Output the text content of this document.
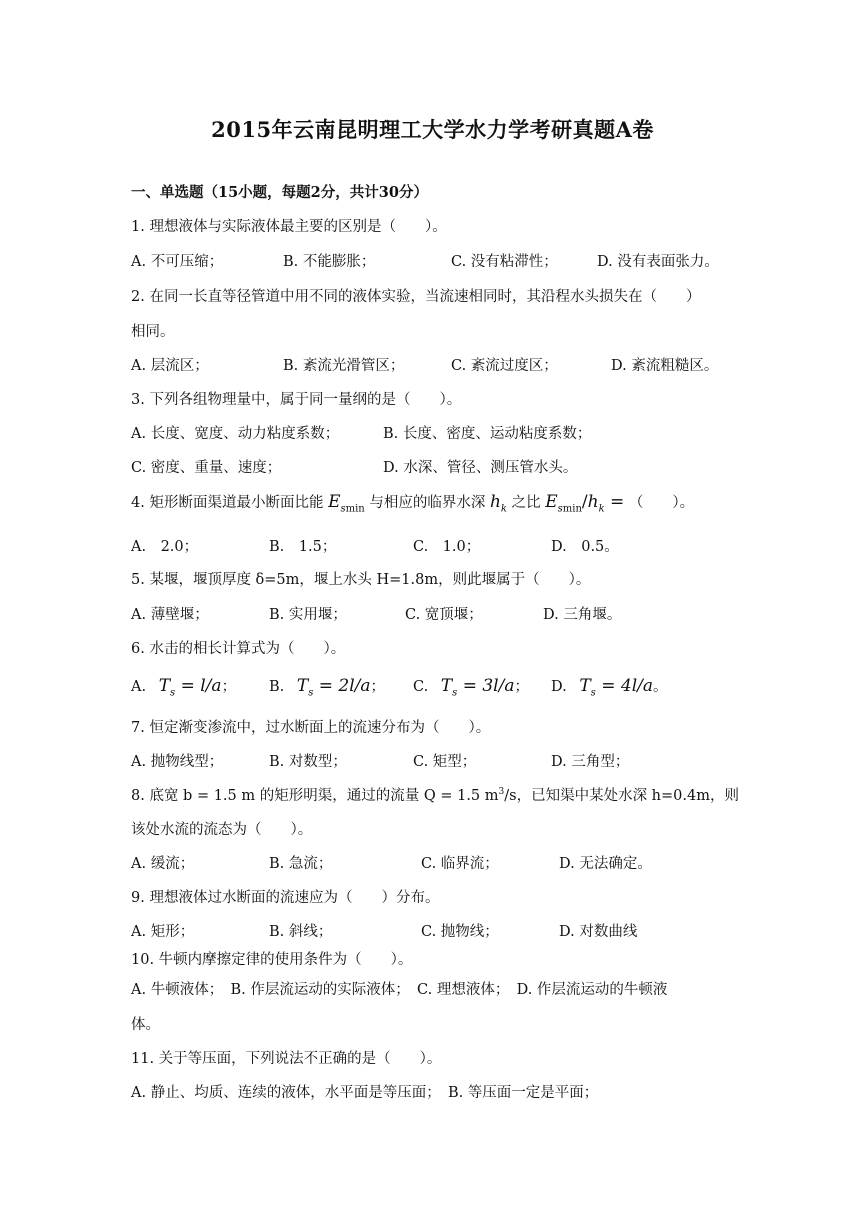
2015年云南昆明理工大学水力学考研真题A卷
一、单选题（15小题，每题2分，共计30分）
1. 理想液体与实际液体最主要的区别是（　　）。
A. 不可压缩；	B. 不能膨胀；	C. 没有粘滞性；	D. 没有表面张力。
2. 在同一长直等径管道中用不同的液体实验，当流速相同时，其沿程水头损失在（　　）
相同。
A. 层流区；	B. 紊流光滑管区；	C. 紊流过度区；	D. 紊流粗糙区。
3. 下列各组物理量中，属于同一量纲的是（　　）。
A. 长度、宽度、动力粘度系数；	B. 长度、密度、运动粘度系数；
C. 密度、重量、速度；	D. 水深、管径、测压管水头。
4. 矩形断面渠道最小断面比能 $E_{smin}$ 与相应的临界水深 $h_k$ 之比 $E_{smin}/h_k$ = （　　）。
A.　2.0；	B.　1.5；	C.　1.0；	D.　0.5。
5. 某堰，堰顶厚度 δ=5m，堰上水头 H=1.8m，则此堰属于（　　）。
A. 薄壁堰；	B. 实用堰；	C. 宽顶堰；	D. 三角堰。
6. 水击的相长计算式为（　　）。
A. $T_s = l/a$； B. $T_s = 2l/a$； C. $T_s = 3l/a$； D. $T_s = 4l/a$。
7. 恒定渐变渗流中，过水断面上的流速分布为（　　）。
A. 抛物线型；	B. 对数型；	C. 矩型；	D. 三角型；
8. 底宽 b = 1.5 m 的矩形明渠，通过的流量 Q = 1.5 $m^3/s$，已知渠中某处水深 h=0.4m，则
该处水流的流态为（　　）。
A. 缓流；	B. 急流；	C. 临界流；	D. 无法确定。
9. 理想液体过水断面的流速应为（　　）分布。
A. 矩形；	B. 斜线；	C. 抛物线；	D. 对数曲线
10. 牛顿内摩擦定律的使用条件为（　　）。
A. 牛顿液体；　B. 作层流运动的实际液体；　C. 理想液体；　D. 作层流运动的牛顿液
体。
11. 关于等压面，下列说法不正确的是（　　）。
A. 静止、均质、连续的液体，水平面是等压面；　B. 等压面一定是平面；
